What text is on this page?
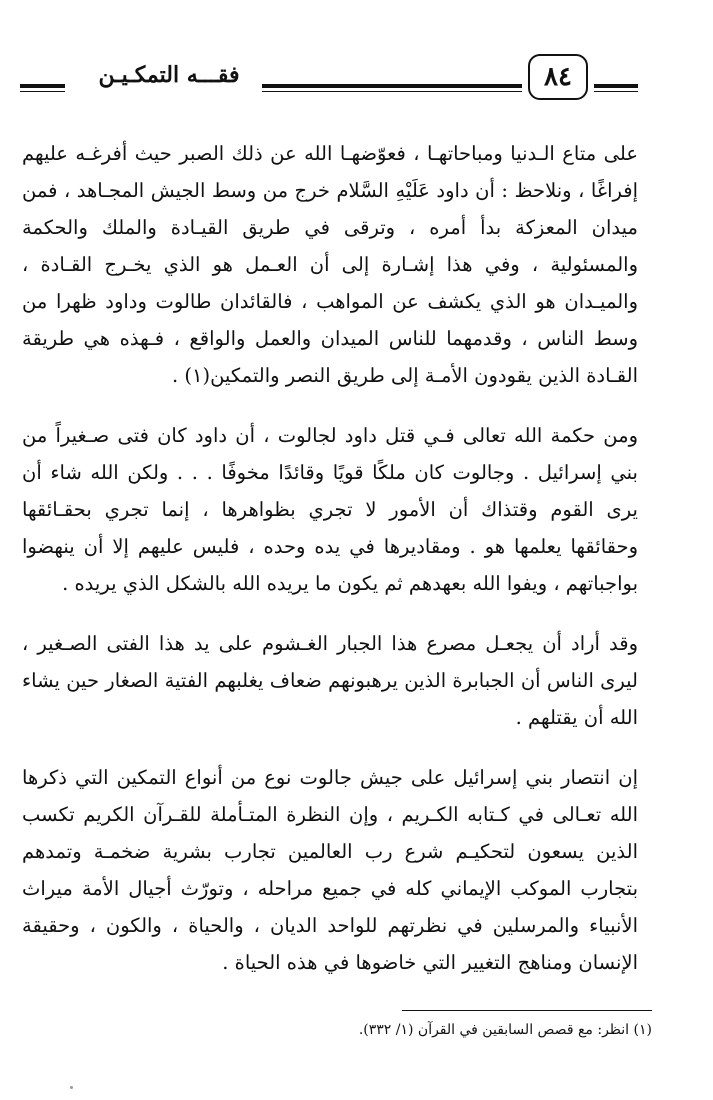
فقـــه التمكـيـن	٨٤

على متاع الـدنيا ومباحاتهـا ، فعوّضهـا الله عن ذلك الصبر حيث أفرغـه عليهم إفراغًا ، ونلاحظ : أن داود عَلَيْهِ السَّلام خرج من وسط الجيش المجـاهد ، فمن ميدان المعزكة بدأ أمره ، وترقى في طريق القيـادة والملك والحكمة والمسئولية ، وفي هذا إشـارة إلى أن العـمل هو الذي يخـرج القـادة ، والميـدان هو الذي يكشف عن المواهب ، فالقائدان طالوت وداود ظهرا من وسط الناس ، وقدمهما للناس الميدان والعمل والواقع ، فـهذه هي طريقة القـادة الذين يقودون الأمـة إلى طريق النصر والتمكين(١) .

ومن حكمة الله تعالى فـي قتل داود لجالوت ، أن داود كان فتى صـغيراً من بني إسرائيل . وجالوت كان ملكًا قويًا وقائدًا مخوفًا . . . ولكن الله شاء أن يرى القوم وقتذاك أن الأمور لا تجري بظواهرها ، إنما تجري بحقـائقها وحقائقها يعلمها هو . ومقاديرها في يده وحده ، فليس عليهم إلا أن ينهضوا بواجباتهم ، ويفوا الله بعهدهم ثم يكون ما يريده الله بالشكل الذي يريده .

وقد أراد أن يجعـل مصرع هذا الجبار الغـشوم على يد هذا الفتى الصـغير ، ليرى الناس أن الجبابرة الذين يرهبونهم ضعاف يغلبهم الفتية الصغار حين يشاء الله أن يقتلهم .

إن انتصار بني إسرائيل على جيش جالوت نوع من أنواع التمكين التي ذكرها الله تعـالى في كـتابه الكـريم ، وإن النظرة المتـأملة للقـرآن الكريم تكسب الذين يسعون لتحكيـم شرع رب العالمين تجارب بشرية ضخمـة وتمدهم بتجارب الموكب الإيماني كله في جميع مراحله ، وتورّث أجيال الأمة ميراث الأنبياء والمرسلين في نظرتهم للواحد الديان ، والحياة ، والكون ، وحقيقة الإنسان ومناهج التغيير التي خاضوها في هذه الحياة .

(١) انظر: مع قصص السابقين في القرآن (١/ ٣٣٢).
